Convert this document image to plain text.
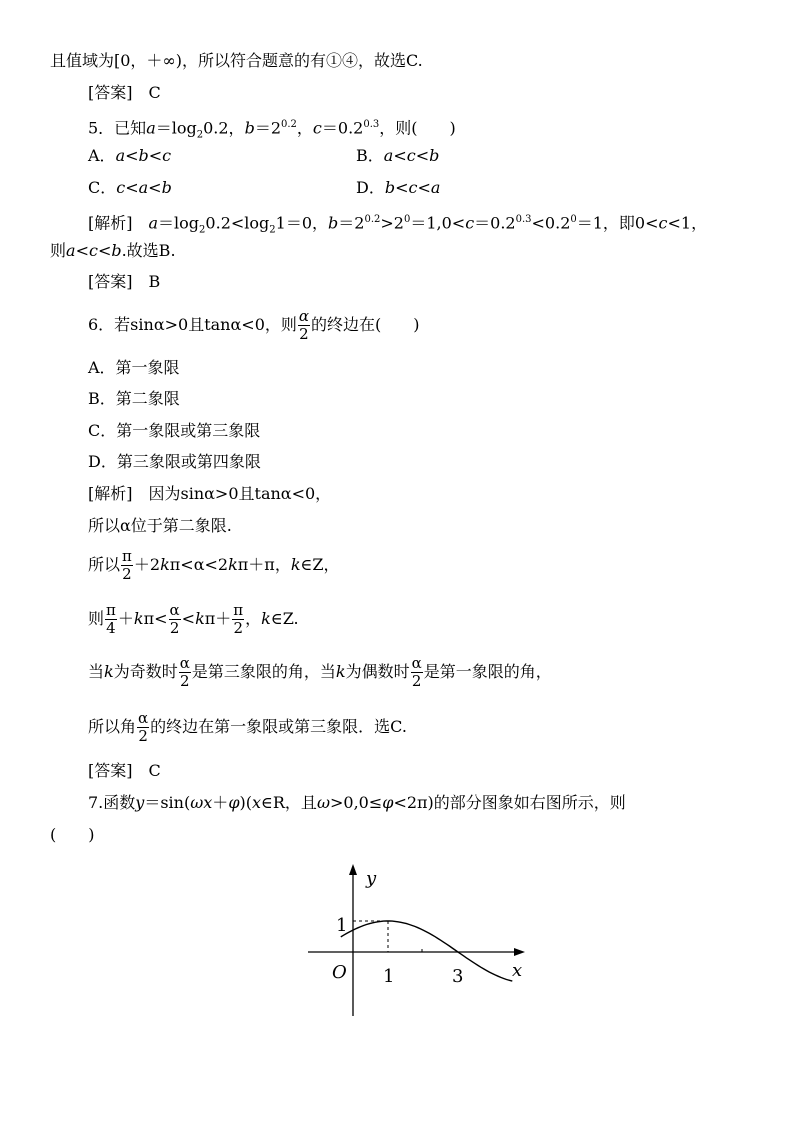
且值域为[0，＋∞)，所以符合题意的有①④，故选C.
[答案]　C
5．已知$a=\log_20.2$，$b=2^{0.2}$，$c=0.2^{0.3}$，则(　　)
A．a<b<c	B．a<c<b
C．c<a<b	D．b<c<a
[解析]　$a=\log_20.2<\log_21=0$，$b=2^{0.2}>2^0=1,0<c=0.2^{0.3}<0.2^0=1$，即0<c<1，
则a<c<b.故选B.
[答案]　B
6．若sinα>0且tanα<0，则 $\frac{\alpha}{2}$ 的终边在(　　)
A．第一象限
B．第二象限
C．第一象限或第三象限
D．第三象限或第四象限
[解析]　因为sinα>0且tanα<0，
所以α位于第二象限.
所以 $\frac{\pi}{2} +2k\pi<\alpha<2k\pi+\pi$，k∈Z，
则 $\frac{\pi}{4} +k\pi< \frac{\alpha}{2} <k\pi+ \frac{\pi}{2}$ ，k∈Z.
当k为奇数时 $\frac{\alpha}{2}$ 是第三象限的角，当k为偶数时 $\frac{\alpha}{2}$ 是第一象限的角，
所以角 $\frac{\alpha}{2}$ 的终边在第一象限或第三象限．选C.
[答案]　C
7.函数y＝sin(ωx＋φ)(x∈R，且ω>0,0≤φ<2π)的部分图象如右图所示，则
(　　)
y
x
O 1	3
1
